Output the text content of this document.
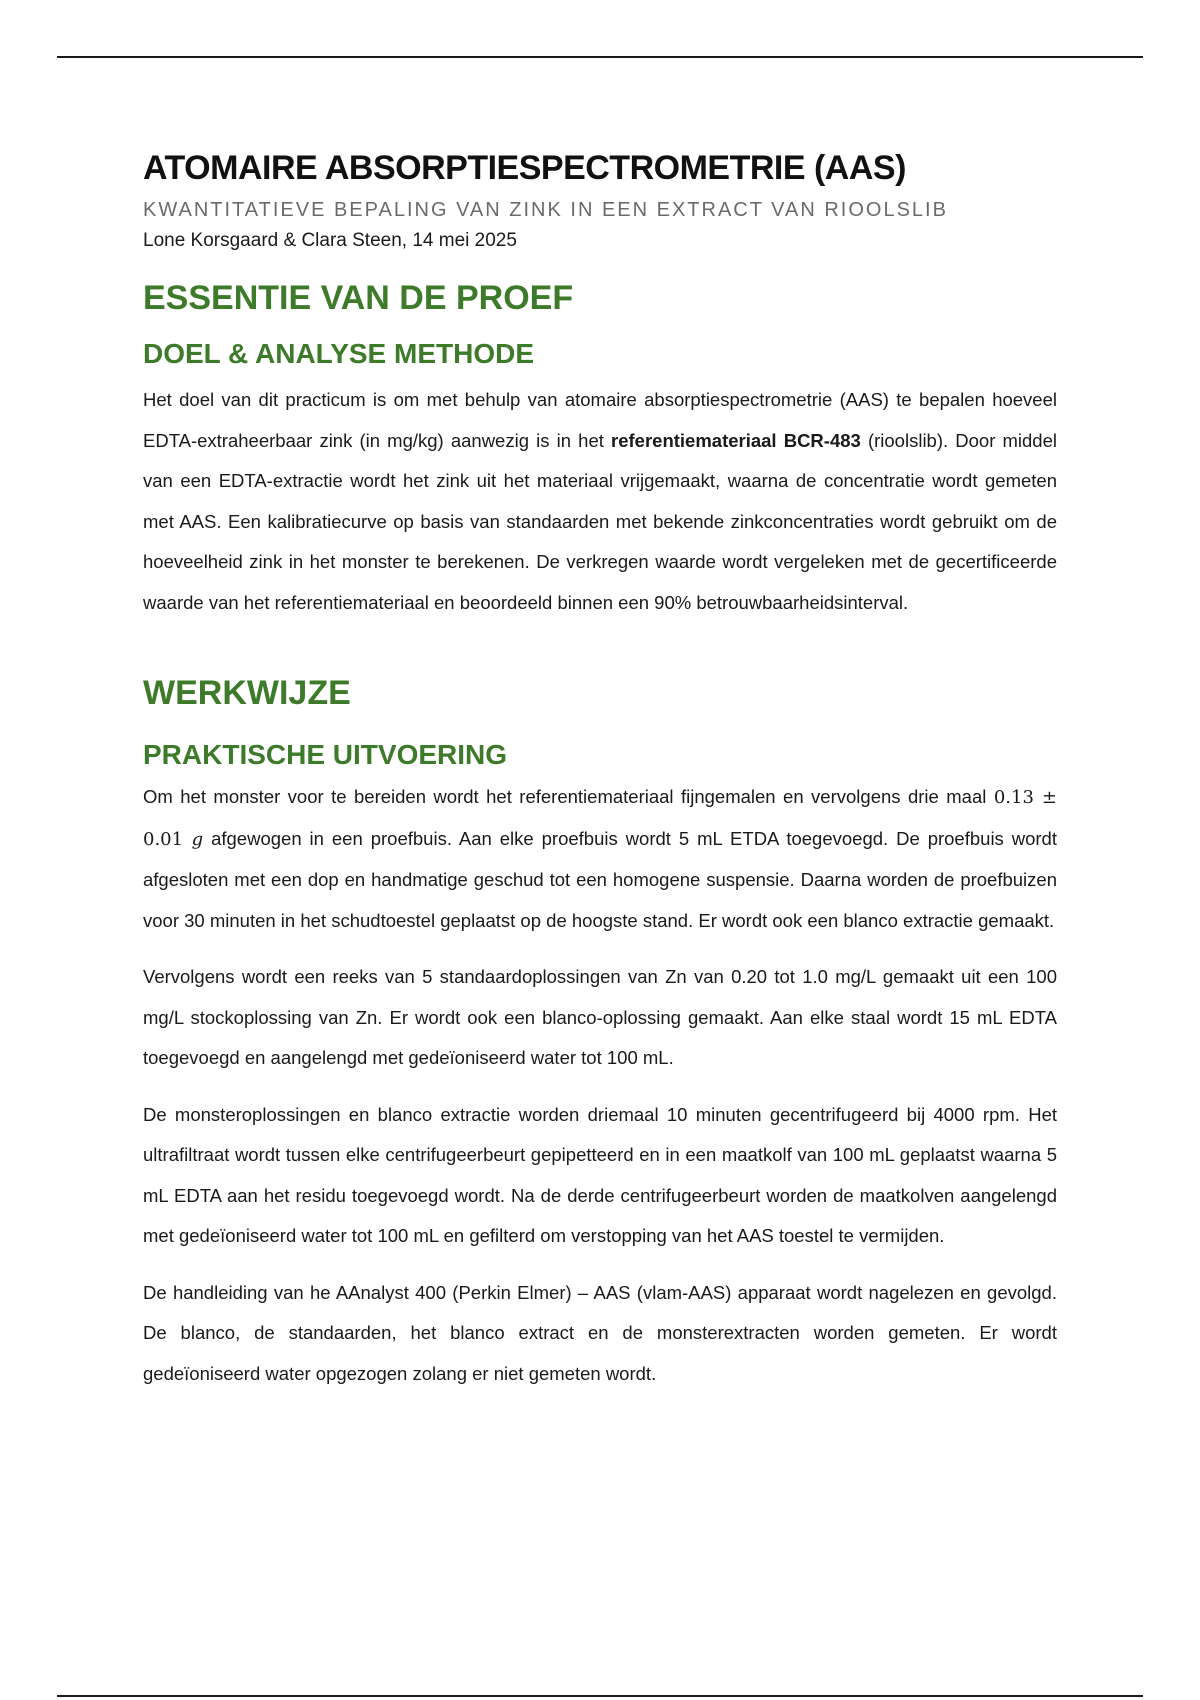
ATOMAIRE ABSORPTIESPECTROMETRIE (AAS)

KWANTITATIEVE BEPALING VAN ZINK IN EEN EXTRACT VAN RIOOLSLIB

Lone Korsgaard & Clara Steen, 14 mei 2025

ESSENTIE VAN DE PROEF
DOEL & ANALYSE METHODE

Het doel van dit practicum is om met behulp van atomaire absorptiespectrometrie (AAS) te bepalen hoeveel EDTA-extraheerbaar zink (in mg/kg) aanwezig is in het referentiemateriaal BCR-483 (rioolslib). Door middel van een EDTA-extractie wordt het zink uit het materiaal vrijgemaakt, waarna de concentratie wordt gemeten met AAS. Een kalibratiecurve op basis van standaarden met bekende zinkconcentraties wordt gebruikt om de hoeveelheid zink in het monster te berekenen. De verkregen waarde wordt vergeleken met de gecertificeerde waarde van het referentiemateriaal en beoordeeld binnen een 90% betrouwbaarheidsinterval.

WERKWIJZE
PRAKTISCHE UITVOERING

Om het monster voor te bereiden wordt het referentiemateriaal fijngemalen en vervolgens drie maal 0.13 ± 0.01 g afgewogen in een proefbuis. Aan elke proefbuis wordt 5 mL ETDA toegevoegd. De proefbuis wordt afgesloten met een dop en handmatige geschud tot een homogene suspensie. Daarna worden de proefbuizen voor 30 minuten in het schudtoestel geplaatst op de hoogste stand. Er wordt ook een blanco extractie gemaakt.

Vervolgens wordt een reeks van 5 standaardoplossingen van Zn van 0.20 tot 1.0 mg/L gemaakt uit een 100 mg/L stockoplossing van Zn. Er wordt ook een blanco-oplossing gemaakt. Aan elke staal wordt 15 mL EDTA toegevoegd en aangelengd met gedeïoniseerd water tot 100 mL.

De monsteroplossingen en blanco extractie worden driemaal 10 minuten gecentrifugeerd bij 4000 rpm. Het ultrafiltraat wordt tussen elke centrifugeerbeurt gepipetteerd en in een maatkolf van 100 mL geplaatst waarna 5 mL EDTA aan het residu toegevoegd wordt. Na de derde centrifugeerbeurt worden de maatkolven aangelengd met gedeïoniseerd water tot 100 mL en gefilterd om verstopping van het AAS toestel te vermijden.

De handleiding van he AAnalyst 400 (Perkin Elmer) – AAS (vlam-AAS) apparaat wordt nagelezen en gevolgd. De blanco, de standaarden, het blanco extract en de monsterextracten worden gemeten. Er wordt gedeïoniseerd water opgezogen zolang er niet gemeten wordt.
